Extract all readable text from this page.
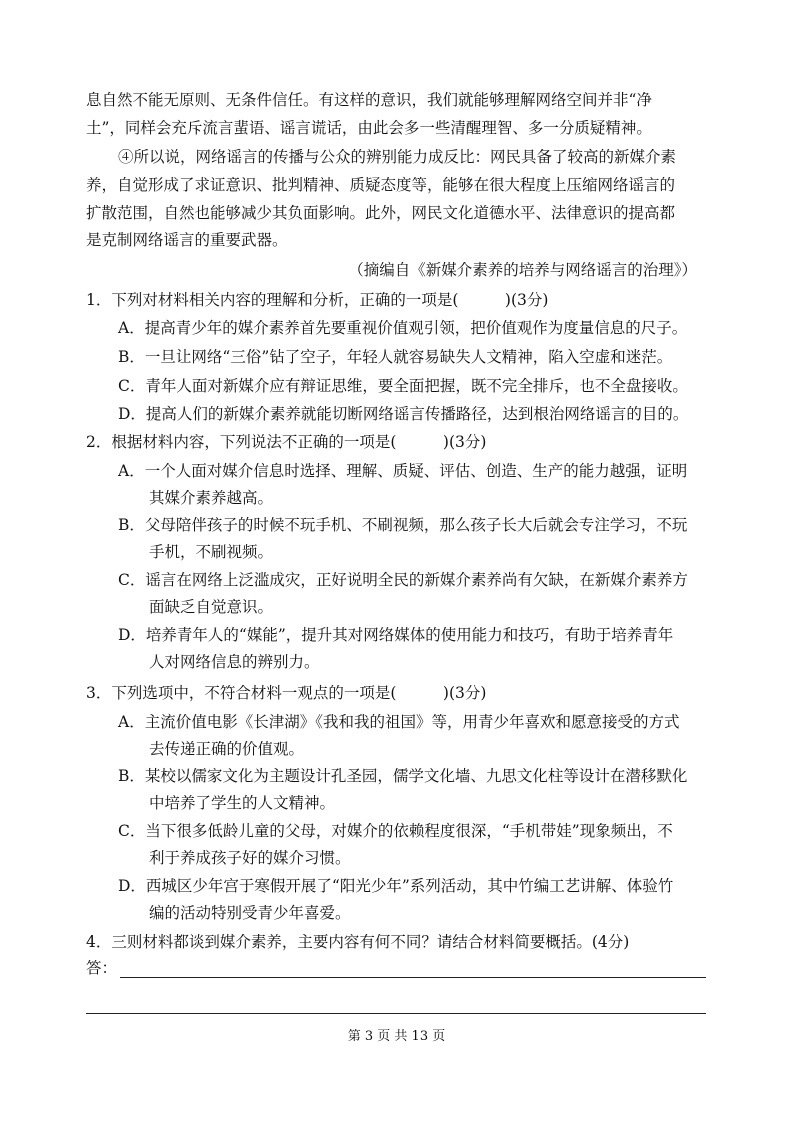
息自然不能无原则、无条件信任。有这样的意识，我们就能够理解网络空间并非“净
土”，同样会充斥流言蜚语、谣言谎话，由此会多一些清醒理智、多一分质疑精神。
④所以说，网络谣言的传播与公众的辨别能力成反比：网民具备了较高的新媒介素
养，自觉形成了求证意识、批判精神、质疑态度等，能够在很大程度上压缩网络谣言的
扩散范围，自然也能够减少其负面影响。此外，网民文化道德水平、法律意识的提高都
是克制网络谣言的重要武器。
（摘编自《新媒介素养的培养与网络谣言的治理》）
1．下列对材料相关内容的理解和分析，正确的一项是(　　　)(3分)
A．提高青少年的媒介素养首先要重视价值观引领，把价值观作为度量信息的尺子。
B．一旦让网络“三俗”钻了空子，年轻人就容易缺失人文精神，陷入空虚和迷茫。
C．青年人面对新媒介应有辩证思维，要全面把握，既不完全排斥，也不全盘接收。
D．提高人们的新媒介素养就能切断网络谣言传播路径，达到根治网络谣言的目的。
2．根据材料内容，下列说法不正确的一项是(　　　)(3分)
A．一个人面对媒介信息时选择、理解、质疑、评估、创造、生产的能力越强，证明
其媒介素养越高。
B．父母陪伴孩子的时候不玩手机、不刷视频，那么孩子长大后就会专注学习，不玩
手机，不刷视频。
C．谣言在网络上泛滥成灾，正好说明全民的新媒介素养尚有欠缺，在新媒介素养方
面缺乏自觉意识。
D．培养青年人的“媒能”，提升其对网络媒体的使用能力和技巧，有助于培养青年
人对网络信息的辨别力。
3．下列选项中，不符合材料一观点的一项是(　　　)(3分)
A．主流价值电影《长津湖》《我和我的祖国》等，用青少年喜欢和愿意接受的方式
去传递正确的价值观。
B．某校以儒家文化为主题设计孔圣园，儒学文化墙、九思文化柱等设计在潜移默化
中培养了学生的人文精神。
C．当下很多低龄儿童的父母，对媒介的依赖程度很深，“手机带娃”现象频出，不
利于养成孩子好的媒介习惯。
D．西城区少年宫于寒假开展了“阳光少年”系列活动，其中竹编工艺讲解、体验竹
编的活动特别受青少年喜爱。
4．三则材料都谈到媒介素养，主要内容有何不同？请结合材料简要概括。(4分)
答：
第 3 页 共 13 页
